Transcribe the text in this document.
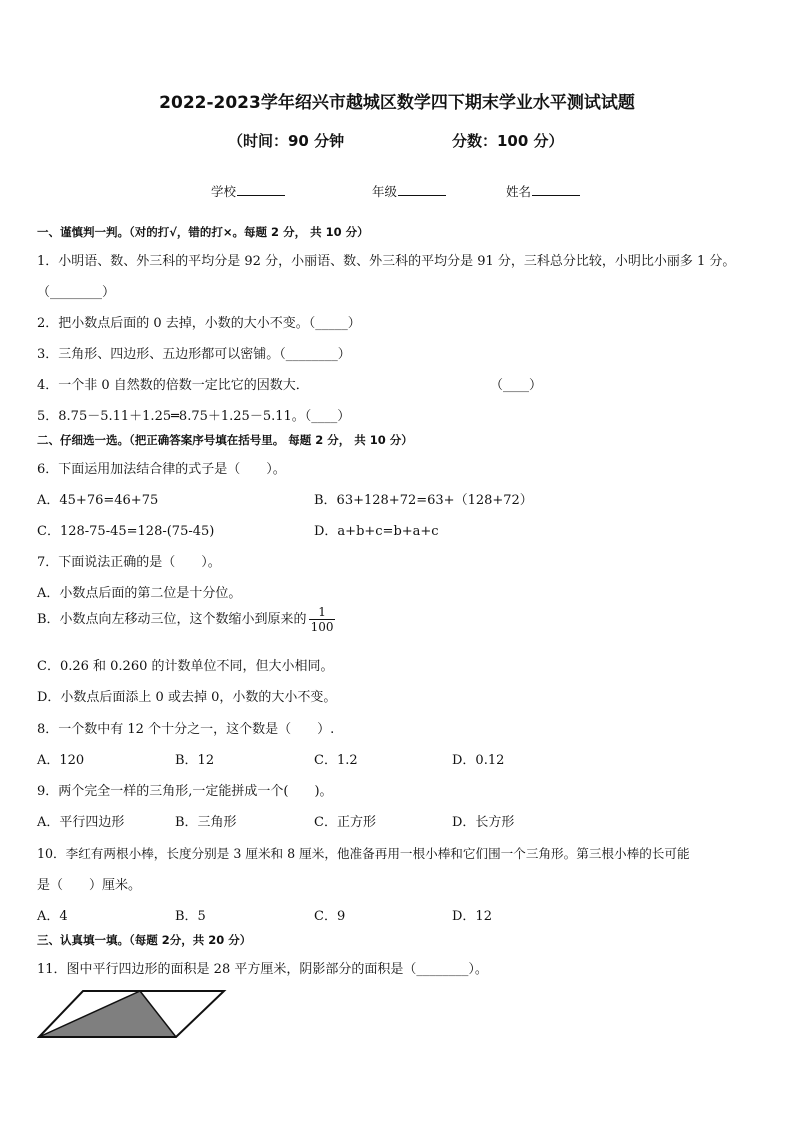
2022-2023学年绍兴市越城区数学四下期末学业水平测试试题
（时间：90 分钟	分数：100 分）
学校	年级	姓名
一、谨慎判一判。（对的打√，错的打×。每题 2 分， 共 10 分）
1．小明语、数、外三科的平均分是 92 分，小丽语、数、外三科的平均分是 91 分，三科总分比较，小明比小丽多 1 分。
（________）
2．把小数点后面的 0 去掉，小数的大小不变。（_____）
3．三角形、四边形、五边形都可以密铺。（________）
4．一个非 0 自然数的倍数一定比它的因数大．	（____）
5．8.75－5.11＋1.25═8.75＋1.25－5.11。（____）
二、仔细选一选。（把正确答案序号填在括号里。 每题 2 分， 共 10 分）
6．下面运用加法结合律的式子是（　　）。
A．45+76=46+75	B．63+128+72=63+（128+72）
C．128-75-45=128-(75-45)	D．a+b+c=b+a+c
7．下面说法正确的是（　　）。
A．小数点后面的第二位是十分位。
B．小数点向左移动三位，这个数缩小到原来的 $\frac{1}{100}$
C．0.26 和 0.260 的计数单位不同，但大小相同。
D．小数点后面添上 0 或去掉 0，小数的大小不变。
8．一个数中有 12 个十分之一，这个数是（　　）.
A．120	B．12	C．1.2	D．0.12
9．两个完全一样的三角形,一定能拼成一个(　　)。
A．平行四边形	B．三角形	C．正方形	D．长方形
10．李红有两根小棒，长度分别是 3 厘米和 8 厘米，他准备再用一根小棒和它们围一个三角形。第三根小棒的长可能
是（　　）厘米。
A．4	B．5	C．9	D．12
三、认真填一填。（每题 2分，共 20 分）
11．图中平行四边形的面积是 28 平方厘米，阴影部分的面积是（________）。
